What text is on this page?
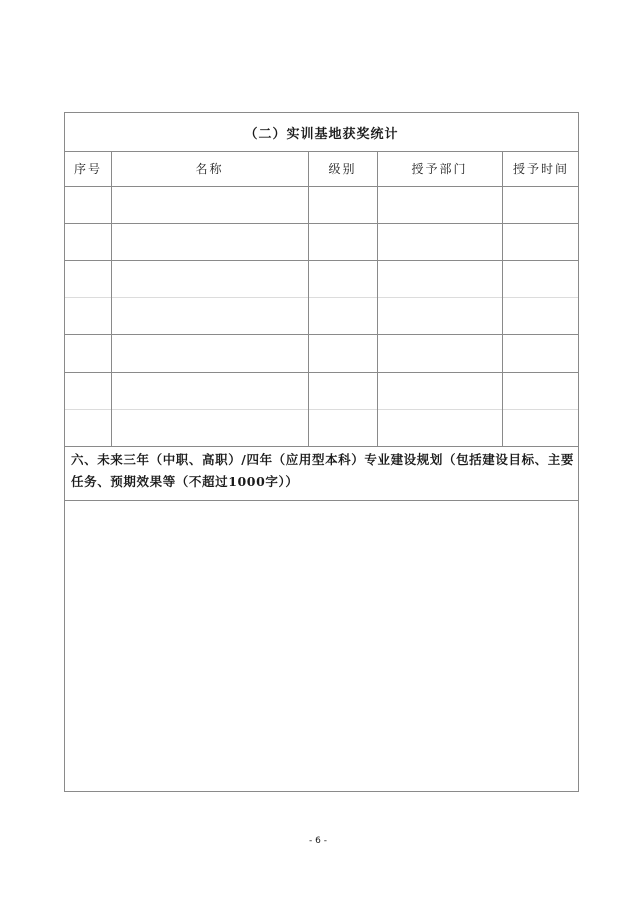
（二）实训基地获奖统计
序号	名称	级别	授予部门	授予时间
六、未来三年（中职、高职）/四年（应用型本科）专业建设规划（包括建设目标、主要任务、预期效果等（不超过1000字））
- 6 -
